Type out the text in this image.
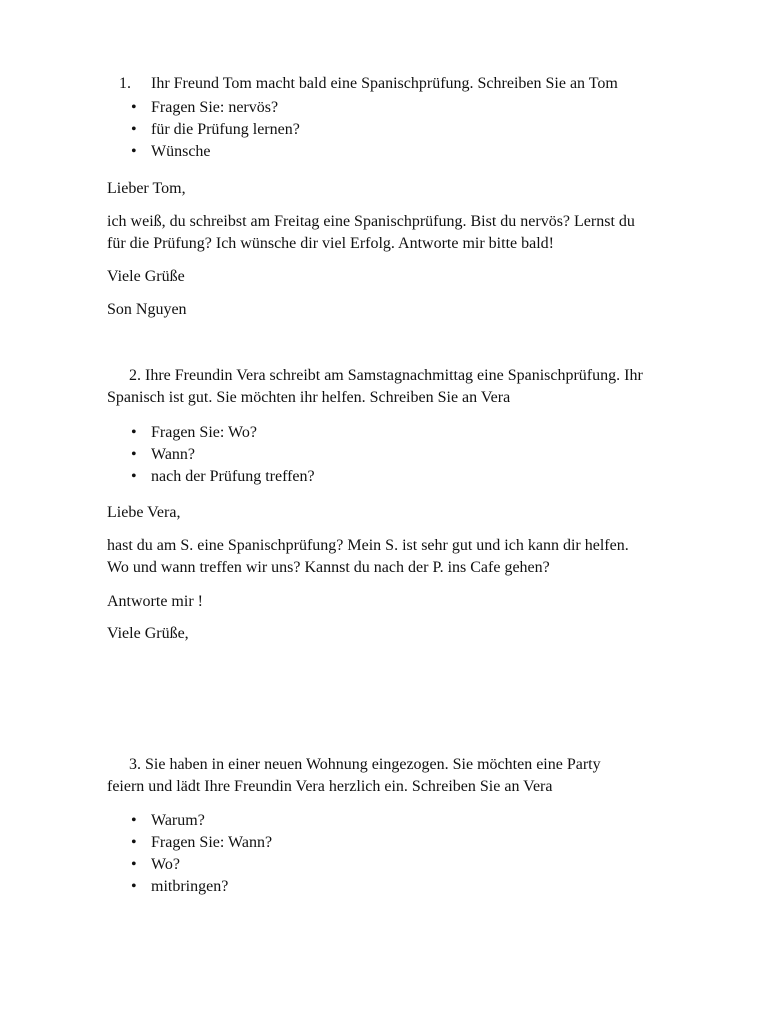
1. Ihr Freund Tom macht bald eine Spanischprüfung. Schreiben Sie an Tom
• Fragen Sie: nervös?
• für die Prüfung lernen?
• Wünsche

Lieber Tom,

ich weiß, du schreibst am Freitag eine Spanischprüfung. Bist du nervös? Lernst du

für die Prüfung? Ich wünsche dir viel Erfolg. Antworte mir bitte bald!

Viele Grüße

Son Nguyen

2. Ihre Freundin Vera schreibt am Samstagnachmittag eine Spanischprüfung. Ihr

Spanisch ist gut. Sie möchten ihr helfen. Schreiben Sie an Vera

• Fragen Sie: Wo?
• Wann?
• nach der Prüfung treffen?

Liebe Vera,

hast du am S. eine Spanischprüfung? Mein S. ist sehr gut und ich kann dir helfen.

Wo und wann treffen wir uns? Kannst du nach der P. ins Cafe gehen?

Antworte mir !

Viele Grüße,

3. Sie haben in einer neuen Wohnung eingezogen. Sie möchten eine Party

feiern und lädt Ihre Freundin Vera herzlich ein. Schreiben Sie an Vera

• Warum?
• Fragen Sie: Wann?
• Wo?
• mitbringen?
